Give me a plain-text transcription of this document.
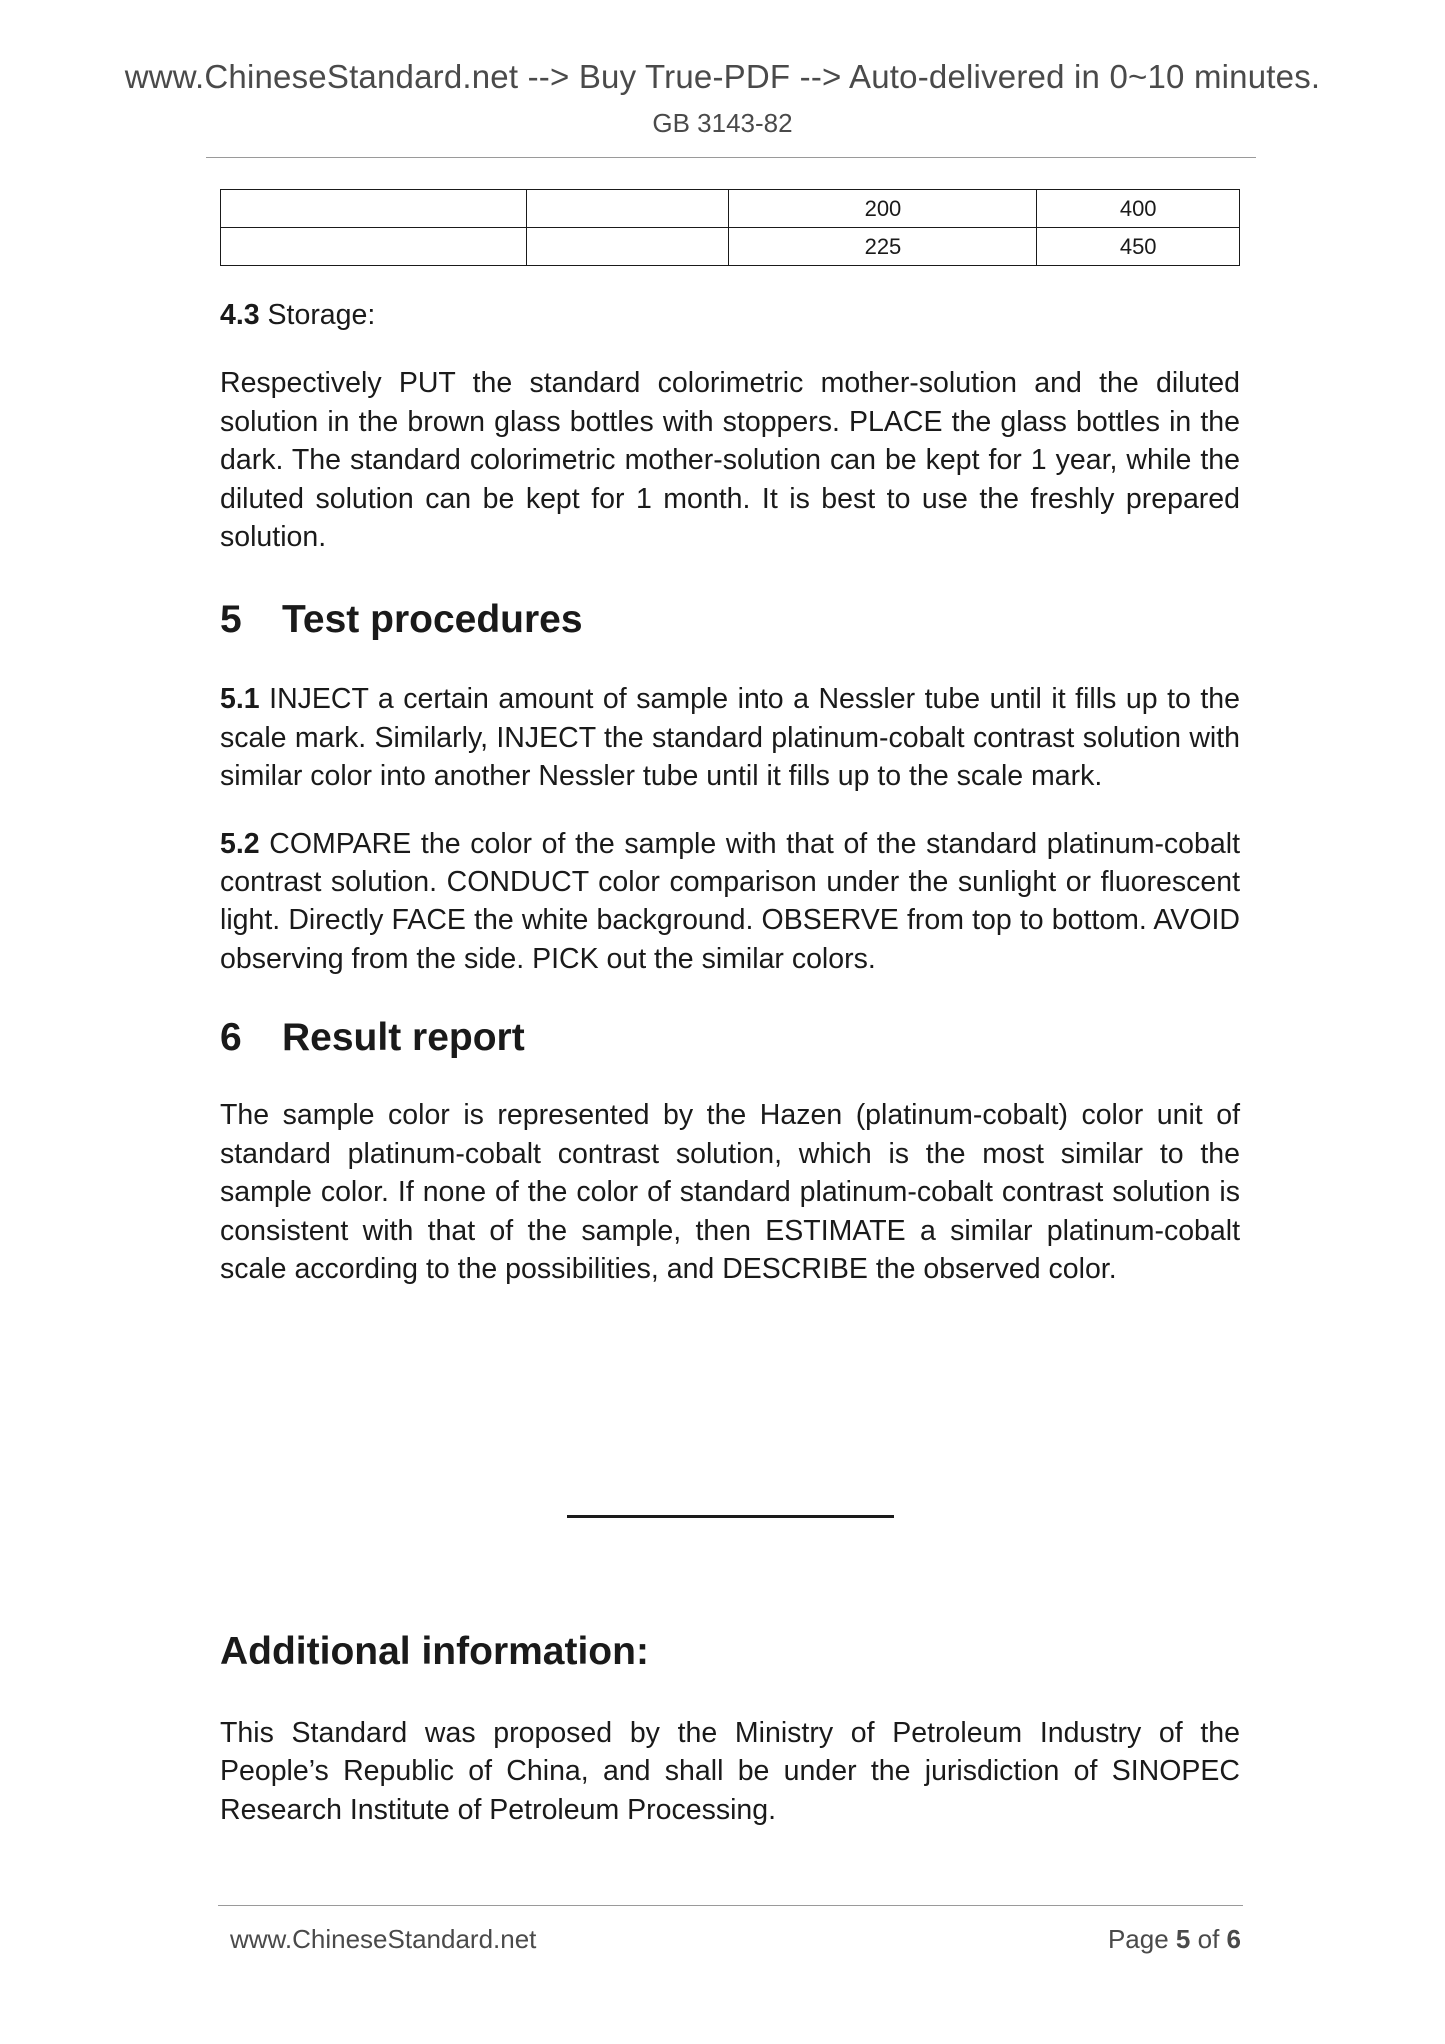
www.ChineseStandard.net --> Buy True-PDF --> Auto-delivered in 0~10 minutes.
GB 3143-82
		200	400
		225	450
4.3 Storage:

Respectively PUT the standard colorimetric mother-solution and the diluted solution in the brown glass bottles with stoppers. PLACE the glass bottles in the dark. The standard colorimetric mother-solution can be kept for 1 year, while the diluted solution can be kept for 1 month. It is best to use the freshly prepared solution.

5 Test procedures

5.1 INJECT a certain amount of sample into a Nessler tube until it fills up to the scale mark. Similarly, INJECT the standard platinum-cobalt contrast solution with similar color into another Nessler tube until it fills up to the scale mark.

5.2 COMPARE the color of the sample with that of the standard platinum-cobalt contrast solution. CONDUCT color comparison under the sunlight or fluorescent light. Directly FACE the white background. OBSERVE from top to bottom. AVOID observing from the side. PICK out the similar colors.

6 Result report

The sample color is represented by the Hazen (platinum-cobalt) color unit of standard platinum-cobalt contrast solution, which is the most similar to the sample color. If none of the color of standard platinum-cobalt contrast solution is consistent with that of the sample, then ESTIMATE a similar platinum-cobalt scale according to the possibilities, and DESCRIBE the observed color.

Additional information:

This Standard was proposed by the Ministry of Petroleum Industry of the People’s Republic of China, and shall be under the jurisdiction of SINOPEC Research Institute of Petroleum Processing.

www.ChineseStandard.net	Page 5 of 6
